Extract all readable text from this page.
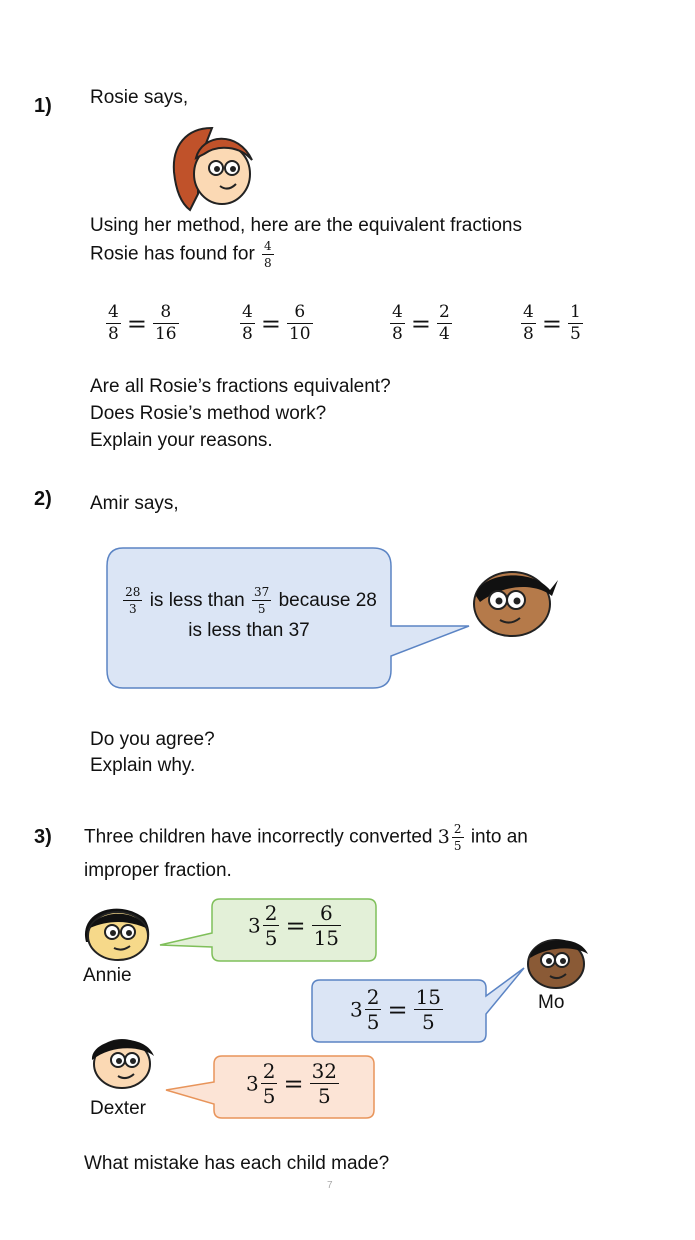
1) Rosie says,
Using her method, here are the equivalent fractions
Rosie has found for $\frac{4}{8}$
$\frac{4}{8} = \frac{8}{16}$	$\frac{4}{8} = \frac{6}{10}$	$\frac{4}{8} = \frac{2}{4}$	$\frac{4}{8} = \frac{1}{5}$
Are all Rosie’s fractions equivalent?
Does Rosie’s method work?
Explain your reasons.
2) Amir says,
$\frac{28}{3}$ is less than $\frac{37}{5}$ because 28
is less than 37
Do you agree?
Explain why.
3) Three children have incorrectly converted $3 \frac{2}{5}$ into an
improper fraction.
Annie
$3 \frac{2}{5} = \frac{6}{15}$
Mo
$3 \frac{2}{5} = \frac{15}{5}$
Dexter
$3 \frac{2}{5} = \frac{32}{5}$
What mistake has each child made?
7
